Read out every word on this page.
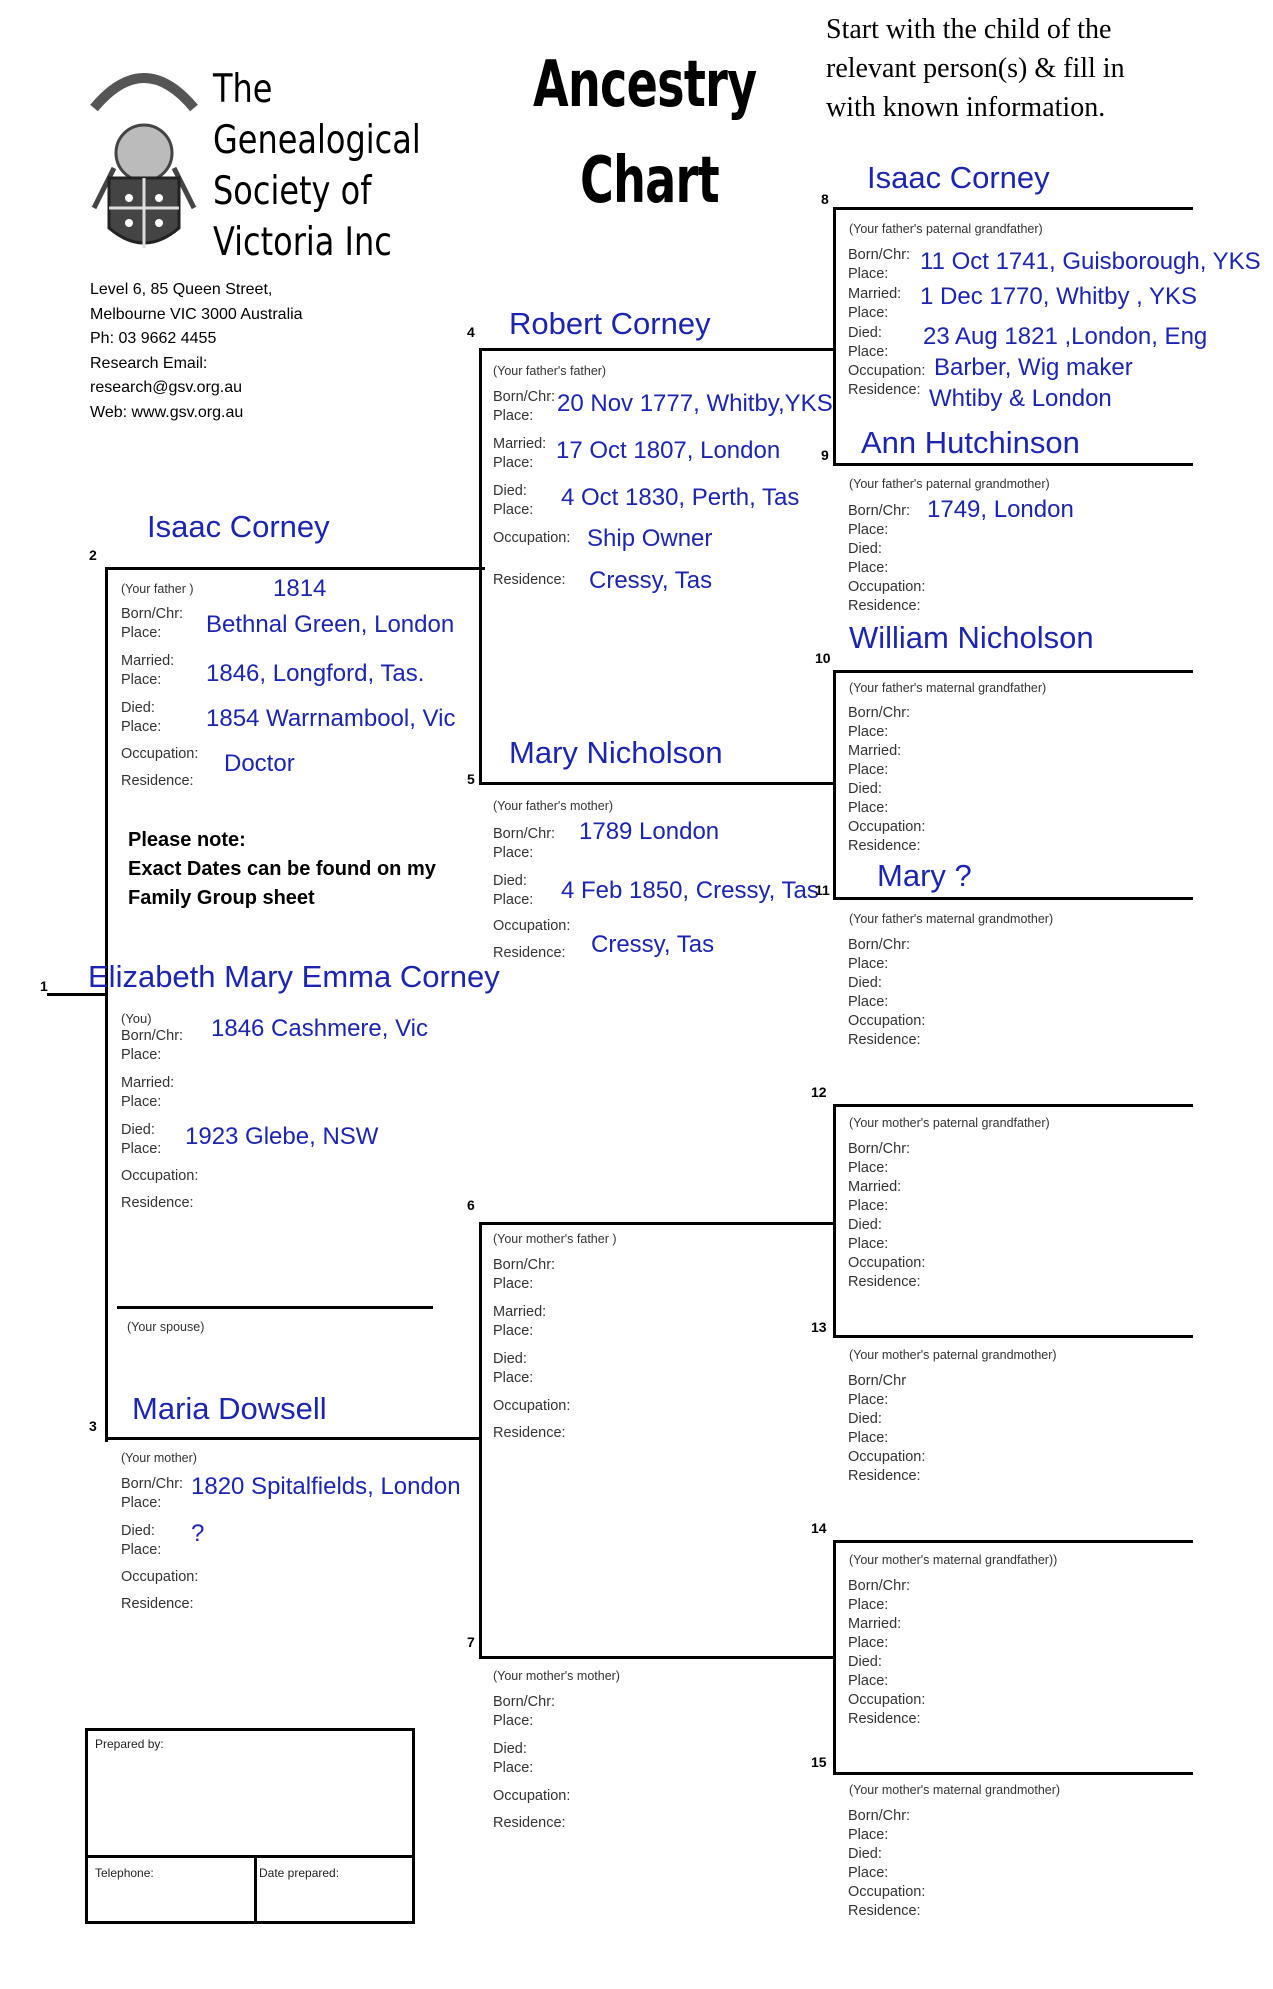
The
Genealogical
Society of
Victoria Inc
Level 6, 85 Queen Street,
Melbourne VIC 3000 Australia
Ph: 03 9662 4455
Research Email:
research@gsv.org.au
Web: www.gsv.org.au
Ancestry
Chart
Start with the child of the
relevant person(s) & fill in
with known information.
1 Elizabeth Mary Emma Corney
(You)
Born/Chr:
Place:
1846 Cashmere, Vic
Married:
Place:
Died:
Place: 1923 Glebe, NSW
Occupation:
Residence:
(Your spouse)
2
Isaac Corney
(Your father )	1814
Born/Chr:
Place: Bethnal Green, London
Married:
Place: 1846, Longford, Tas.
Died:
Place: 1854 Warrnambool, Vic
Occupation: Doctor
Residence:
Please note:
Exact Dates can be found on my
Family Group sheet
3 Maria Dowsell
(Your mother)
Born/Chr:
Place:
1820 Spitalfields, London
Died:
Place:
?
Occupation:
Residence:
4 Robert Corney
(Your father's father)
Born/Chr:
Place: 20 Nov 1777, Whitby,YKS
Married:
Place: 17 Oct 1807, London
Died:
Place: 4 Oct 1830, Perth, Tas
Occupation: Ship Owner
Residence: Cressy, Tas
5
Mary Nicholson
(Your father's mother)
Born/Chr:
Place:
1789 London
Died:
Place: 4 Feb 1850, Cressy, Tas
Occupation:
Residence: Cressy, Tas
6
(Your mother's father )
Born/Chr:
Place:
Married:
Place:
Died:
Place:
Occupation:
Residence:
7
(Your mother's mother)
Born/Chr:
Place:
Died:
Place:
Occupation:
Residence:
8
Isaac Corney
(Your father's paternal grandfather)
Born/Chr:
Place: 11 Oct 1741, Guisborough, YKS
Married:
Place:
1 Dec 1770, Whitby , YKS
Died:
Place:
23 Aug 1821 ,London, Eng
Occupation: Barber, Wig maker
Residence: Whtiby & London
9 Ann Hutchinson
(Your father's paternal grandmother)
Born/Chr:
Place:
1749, London
Died:
Place:
Occupation:
Residence:
10
William Nicholson
(Your father's maternal grandfather)
Born/Chr:
Place:
Married:
Place:
Died:
Place:
Occupation:
Residence:
11 Mary ?
(Your father's maternal grandmother)
Born/Chr:
Place:
Died:
Place:
Occupation:
Residence:
12
(Your mother's paternal grandfather)
Born/Chr:
Place:
Married:
Place:
Died:
Place:
Occupation:
Residence:
13
(Your mother's paternal grandmother)
Born/Chr
Place:
Died:
Place:
Occupation:
Residence:
14
(Your mother's maternal grandfather))
Born/Chr:
Place:
Married:
Place:
Died:
Place:
Occupation:
Residence:
15
(Your mother's maternal grandmother)
Born/Chr:
Place:
Died:
Place:
Occupation:
Residence:
Prepared by:
Telephone:	Date prepared:
